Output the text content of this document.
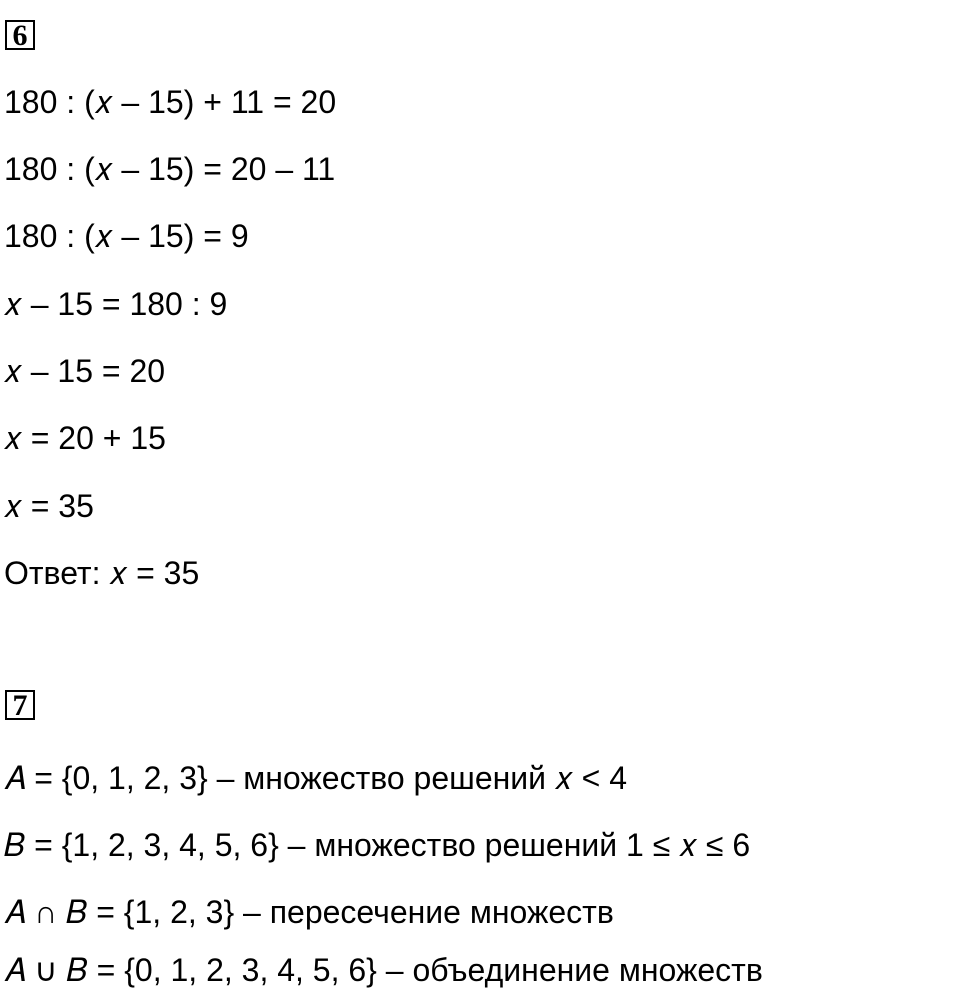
6
180 : (𝑥 – 15) + 11 = 20
180 : (𝑥 – 15) = 20 – 11
180 : (𝑥 – 15) = 9
𝑥 – 15 = 180 : 9
𝑥 – 15 = 20
𝑥 = 20 + 15
𝑥 = 35
Ответ: 𝑥 = 35
7
𝐴 = {0, 1, 2, 3} – множество решений 𝑥 < 4
𝐵 = {1, 2, 3, 4, 5, 6} – множество решений 1 ≤ 𝑥 ≤ 6
𝐴 ∩ 𝐵 = {1, 2, 3} – пересечение множеств
𝐴 ∪ 𝐵 = {0, 1, 2, 3, 4, 5, 6} – объединение множеств
